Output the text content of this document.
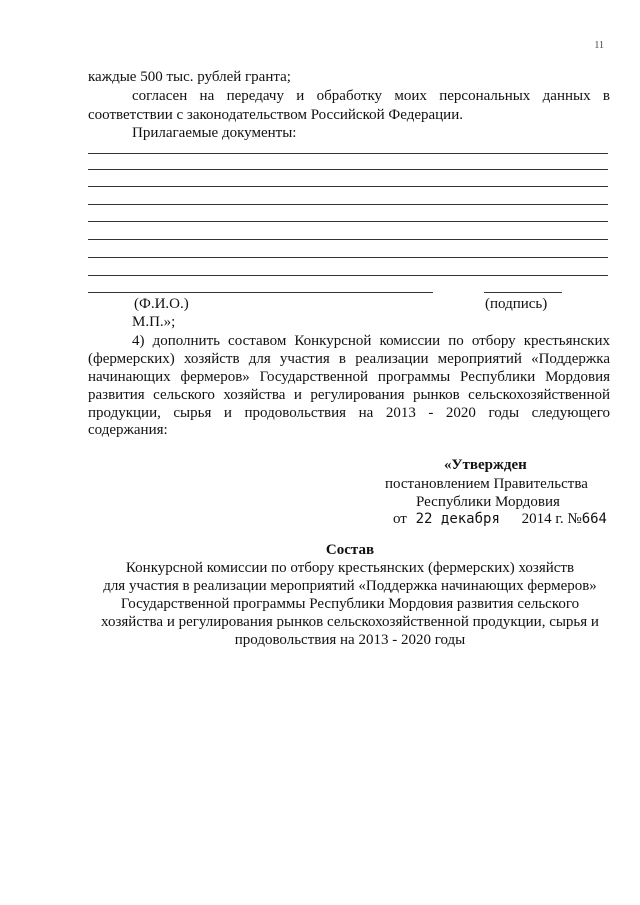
11
каждые 500 тыс. рублей гранта;
согласен на передачу и обработку моих персональных данных в
соответствии с законодательством Российской Федерации.
Прилагаемые документы:
(Ф.И.О.)	(подпись)
М.П.»;
4) дополнить составом Конкурсной комиссии по отбору крестьянских
(фермерских) хозяйств для участия в реализации мероприятий «Поддержка
начинающих фермеров» Государственной программы Республики Мордовия
развития сельского хозяйства и регулирования рынков сельскохозяйственной
продукции, сырья и продовольствия на 2013 - 2020 годы следующего
содержания:
«Утвержден
постановлением Правительства
Республики Мордовия
от 22 декабря 2014 г. №664
Состав
Конкурсной комиссии по отбору крестьянских (фермерских) хозяйств
для участия в реализации мероприятий «Поддержка начинающих фермеров»
Государственной программы Республики Мордовия развития сельского
хозяйства и регулирования рынков сельскохозяйственной продукции, сырья и
продовольствия на 2013 - 2020 годы
